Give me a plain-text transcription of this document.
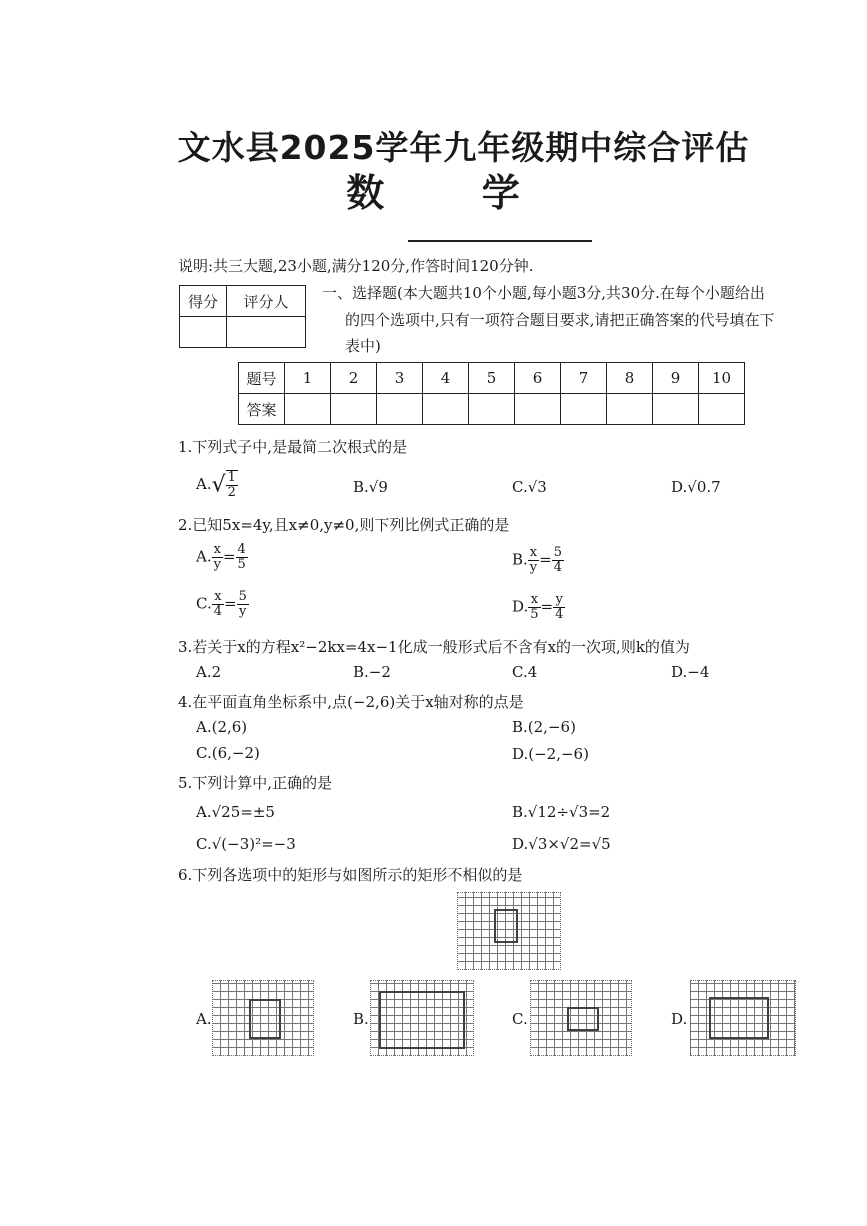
文水县2025学年九年级期中综合评估
数	学
说明:共三大题,23小题,满分120分,作答时间120分钟.
得分	评分人
	一、选择题(本大题共10个小题,每小题3分,共30分.在每个小题给出
的四个选项中,只有一项符合题目要求,请把正确答案的代号填在下
表中)
题号	1	2	3	4	5	6	7	8	9	10
答案										
1.下列式子中,是最简二次根式的是
$A.√ \frac{1}{2}$	B.√9	C.√3	D.√0.7
2.已知5x=4y,且x≠0,y≠0,则下列比例式正确的是
A. $\frac{x}{y} = \frac{4}{5}$	B. $\frac{x}{y} = \frac{5}{4}$
C. $\frac{x}{4} = \frac{5}{y}$	D. $\frac{x}{5} = \frac{y}{4}$
3.若关于x的方程x²−2kx=4x−1化成一般形式后不含有x的一次项,则k的值为
A.2	B.−2	C.4	D.−4
4.在平面直角坐标系中,点(−2,6)关于x轴对称的点是
A.(2,6)	B.(2,−6)
C.(6,−2)	D.(−2,−6)
5.下列计算中,正确的是
A.√25=±5	B.√12÷√3=2
C.√(−3)²=−3	D.√3×√2=√5
6.下列各选项中的矩形与如图所示的矩形不相似的是
A.	B.	C.	D.
